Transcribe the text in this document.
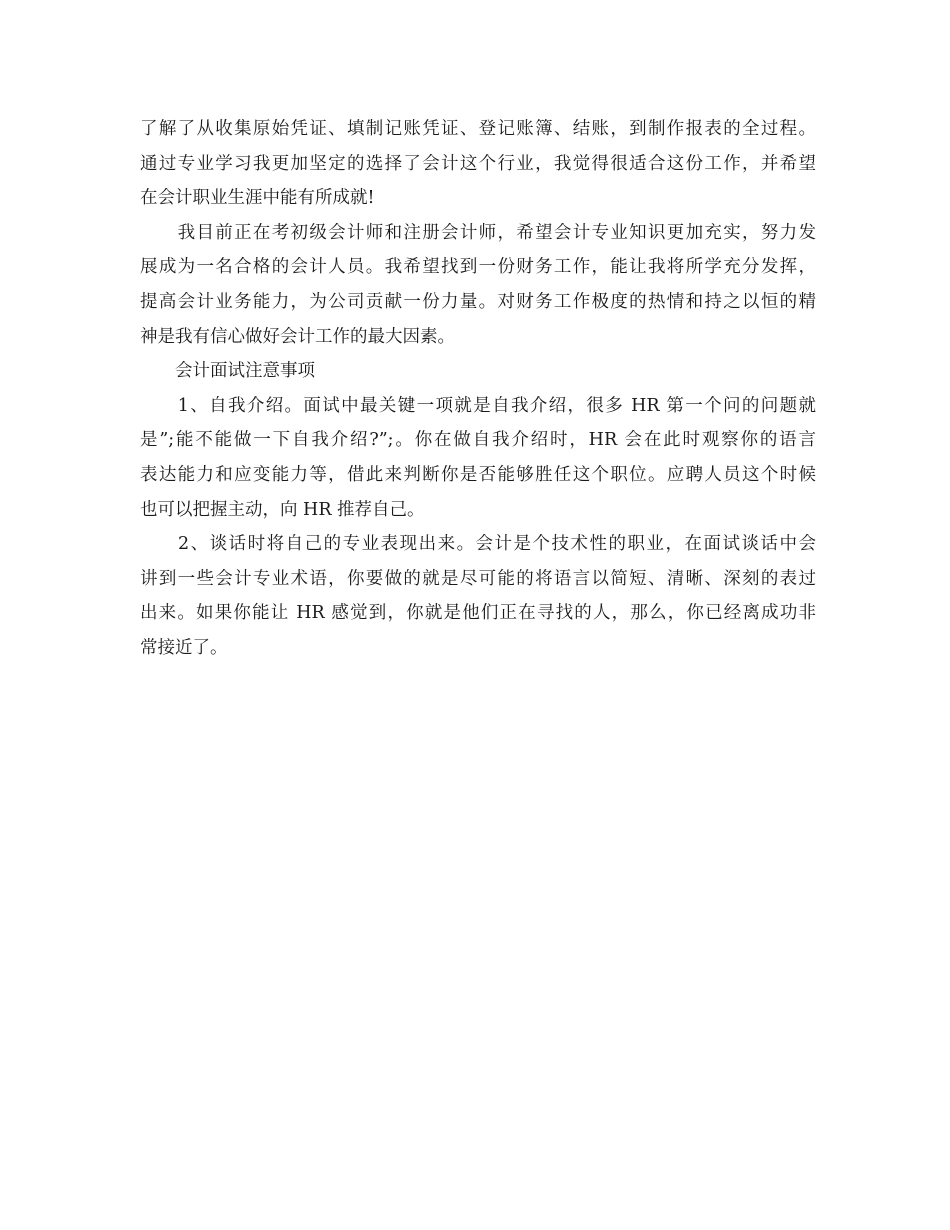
了解了从收集原始凭证、填制记账凭证、登记账簿、结账，到制作报表的全过程。
通过专业学习我更加坚定的选择了会计这个行业，我觉得很适合这份工作，并希望
在会计职业生涯中能有所成就!
　　我目前正在考初级会计师和注册会计师，希望会计专业知识更加充实，努力发
展成为一名合格的会计人员。我希望找到一份财务工作，能让我将所学充分发挥，
提高会计业务能力，为公司贡献一份力量。对财务工作极度的热情和持之以恒的精
神是我有信心做好会计工作的最大因素。
　　会计面试注意事项
　　1、自我介绍。面试中最关键一项就是自我介绍，很多 HR 第一个问的问题就
是”;能不能做一下自我介绍?”;。你在做自我介绍时，HR 会在此时观察你的语言
表达能力和应变能力等，借此来判断你是否能够胜任这个职位。应聘人员这个时候
也可以把握主动，向 HR 推荐自己。
　　2、谈话时将自己的专业表现出来。会计是个技术性的职业，在面试谈话中会
讲到一些会计专业术语，你要做的就是尽可能的将语言以简短、清晰、深刻的表过
出来。如果你能让 HR 感觉到，你就是他们正在寻找的人，那么，你已经离成功非
常接近了。
